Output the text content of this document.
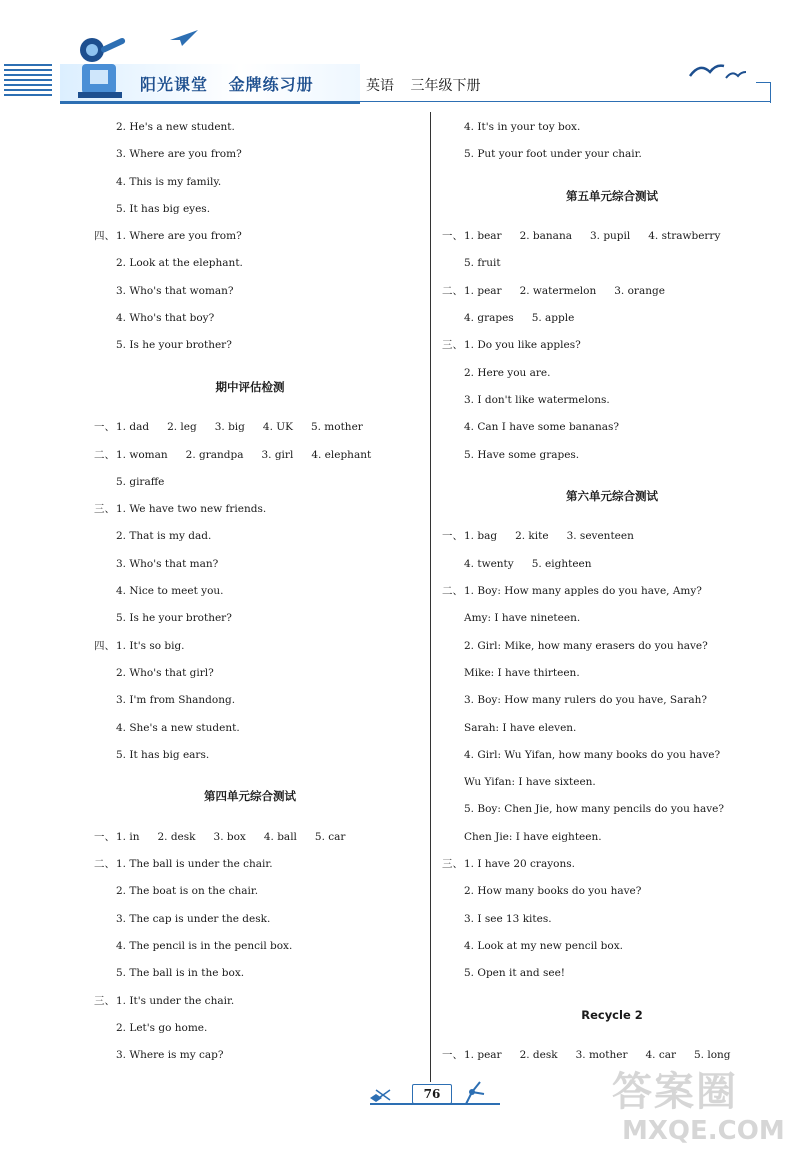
阳光课堂 金牌练习册	英语 三年级下册
2. He's a new student.
3. Where are you from?
4. This is my family.
5. It has big eyes.
四、1. Where are you from?
2. Look at the elephant.
3. Who's that woman?
4. Who's that boy?
5. Is he your brother?
期中评估检测
一、1. dad 2. leg 3. big 4. UK 5. mother
二、1. woman 2. grandpa 3. girl 4. elephant
5. giraffe
三、1. We have two new friends.
2. That is my dad.
3. Who's that man?
4. Nice to meet you.
5. Is he your brother?
四、1. It's so big.
2. Who's that girl?
3. I'm from Shandong.
4. She's a new student.
5. It has big ears.
第四单元综合测试
一、1. in 2. desk 3. box 4. ball 5. car
二、1. The ball is under the chair.
2. The boat is on the chair.
3. The cap is under the desk.
4. The pencil is in the pencil box.
5. The ball is in the box.
三、1. It's under the chair.
2. Let's go home.
3. Where is my cap?
4. It's in your toy box.
5. Put your foot under your chair.
第五单元综合测试
一、1. bear 2. banana 3. pupil 4. strawberry
5. fruit
二、1. pear 2. watermelon 3. orange
4. grapes 5. apple
三、1. Do you like apples?
2. Here you are.
3. I don't like watermelons.
4. Can I have some bananas?
5. Have some grapes.
第六单元综合测试
一、1. bag 2. kite 3. seventeen
4. twenty 5. eighteen
二、1. Boy: How many apples do you have, Amy?
Amy: I have nineteen.
2. Girl: Mike, how many erasers do you have?
Mike: I have thirteen.
3. Boy: How many rulers do you have, Sarah?
Sarah: I have eleven.
4. Girl: Wu Yifan, how many books do you have?
Wu Yifan: I have sixteen.
5. Boy: Chen Jie, how many pencils do you have?
Chen Jie: I have eighteen.
三、1. I have 20 crayons.
2. How many books do you have?
3. I see 13 kites.
4. Look at my new pencil box.
5. Open it and see!
Recycle 2
一、1. pear 2. desk 3. mother 4. car 5. long
76	答案圈
MXQE.COM
